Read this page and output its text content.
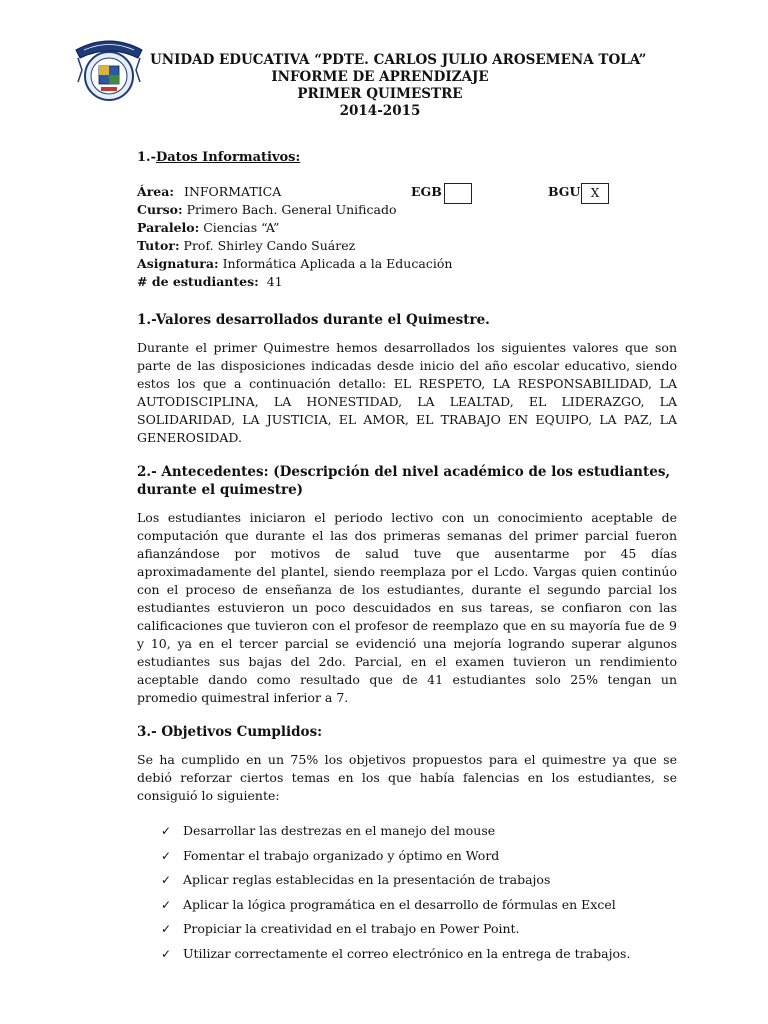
UNIDAD EDUCATIVA “PDTE. CARLOS JULIO AROSEMENA TOLA”
INFORME DE APRENDIZAJE
PRIMER QUIMESTRE
2014-2015
1.-Datos Informativos:
Área: INFORMATICA	EGB	BGU X
Curso: Primero Bach. General Unificado
Paralelo: Ciencias “A”
Tutor: Prof. Shirley Cando Suárez
Asignatura: Informática Aplicada a la Educación
# de estudiantes: 41
1.-Valores desarrollados durante el Quimestre.

Durante el primer Quimestre hemos desarrollados los siguientes valores que son parte de las disposiciones indicadas desde inicio del año escolar educativo, siendo estos los que a continuación detallo: EL RESPETO, LA RESPONSABILIDAD, LA AUTODISCIPLINA, LA HONESTIDAD, LA LEALTAD, EL LIDERAZGO, LA SOLIDARIDAD, LA JUSTICIA, EL AMOR, EL TRABAJO EN EQUIPO, LA PAZ, LA GENEROSIDAD.

2.- Antecedentes: (Descripción del nivel académico de los estudiantes, durante el quimestre)

Los estudiantes iniciaron el periodo lectivo con un conocimiento aceptable de computación que durante el las dos primeras semanas del primer parcial fueron afianzándose por motivos de salud tuve que ausentarme por 45 días aproximadamente del plantel, siendo reemplaza por el Lcdo. Vargas quien continúo con el proceso de enseñanza de los estudiantes, durante el segundo parcial los estudiantes estuvieron un poco descuidados en sus tareas, se confiaron con las calificaciones que tuvieron con el profesor de reemplazo que en su mayoría fue de 9 y 10, ya en el tercer parcial se evidenció una mejoría logrando superar algunos estudiantes sus bajas del 2do. Parcial, en el examen tuvieron un rendimiento aceptable dando como resultado que de 41 estudiantes solo 25% tengan un promedio quimestral inferior a 7.

3.- Objetivos Cumplidos:

Se ha cumplido en un 75% los objetivos propuestos para el quimestre ya que se debió reforzar ciertos temas en los que había falencias en los estudiantes, se consiguió lo siguiente:

✓ Desarrollar las destrezas en el manejo del mouse
✓ Fomentar el trabajo organizado y óptimo en Word
✓ Aplicar reglas establecidas en la presentación de trabajos
✓ Aplicar la lógica programática en el desarrollo de fórmulas en Excel
✓ Propiciar la creatividad en el trabajo en Power Point.
✓ Utilizar correctamente el correo electrónico en la entrega de trabajos.
